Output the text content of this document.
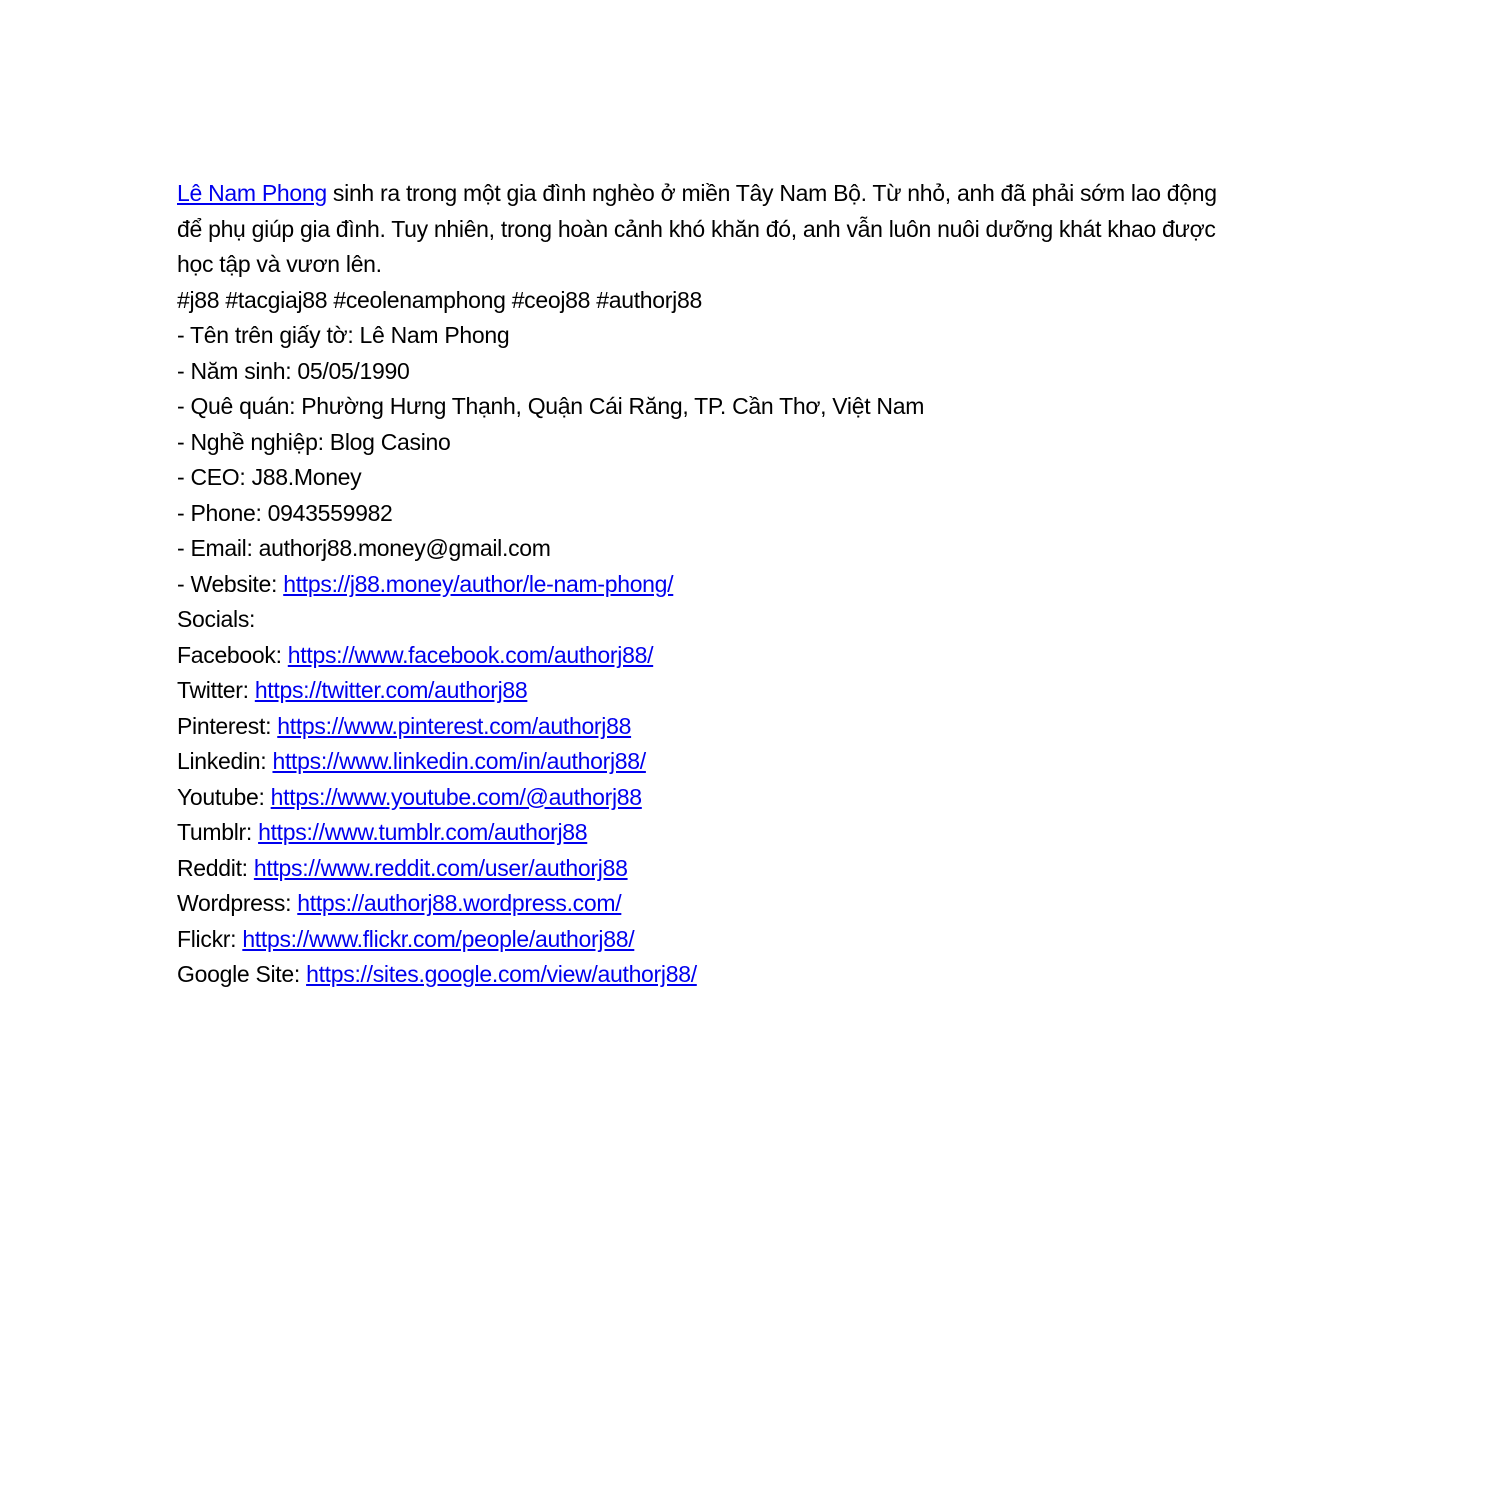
Lê Nam Phong sinh ra trong một gia đình nghèo ở miền Tây Nam Bộ. Từ nhỏ, anh đã phải sớm lao động
để phụ giúp gia đình. Tuy nhiên, trong hoàn cảnh khó khăn đó, anh vẫn luôn nuôi dưỡng khát khao được
học tập và vươn lên.
#j88 #tacgiaj88 #ceolenamphong #ceoj88 #authorj88
- Tên trên giấy tờ: Lê Nam Phong
- Năm sinh: 05/05/1990
- Quê quán: Phường Hưng Thạnh, Quận Cái Răng, TP. Cần Thơ, Việt Nam
- Nghề nghiệp: Blog Casino
- CEO: J88.Money
- Phone: 0943559982
- Email: authorj88.money@gmail.com
- Website: https://j88.money/author/le-nam-phong/
Socials:
Facebook: https://www.facebook.com/authorj88/
Twitter: https://twitter.com/authorj88
Pinterest: https://www.pinterest.com/authorj88
Linkedin: https://www.linkedin.com/in/authorj88/
Youtube: https://www.youtube.com/@authorj88
Tumblr: https://www.tumblr.com/authorj88
Reddit: https://www.reddit.com/user/authorj88
Wordpress: https://authorj88.wordpress.com/
Flickr: https://www.flickr.com/people/authorj88/
Google Site: https://sites.google.com/view/authorj88/
